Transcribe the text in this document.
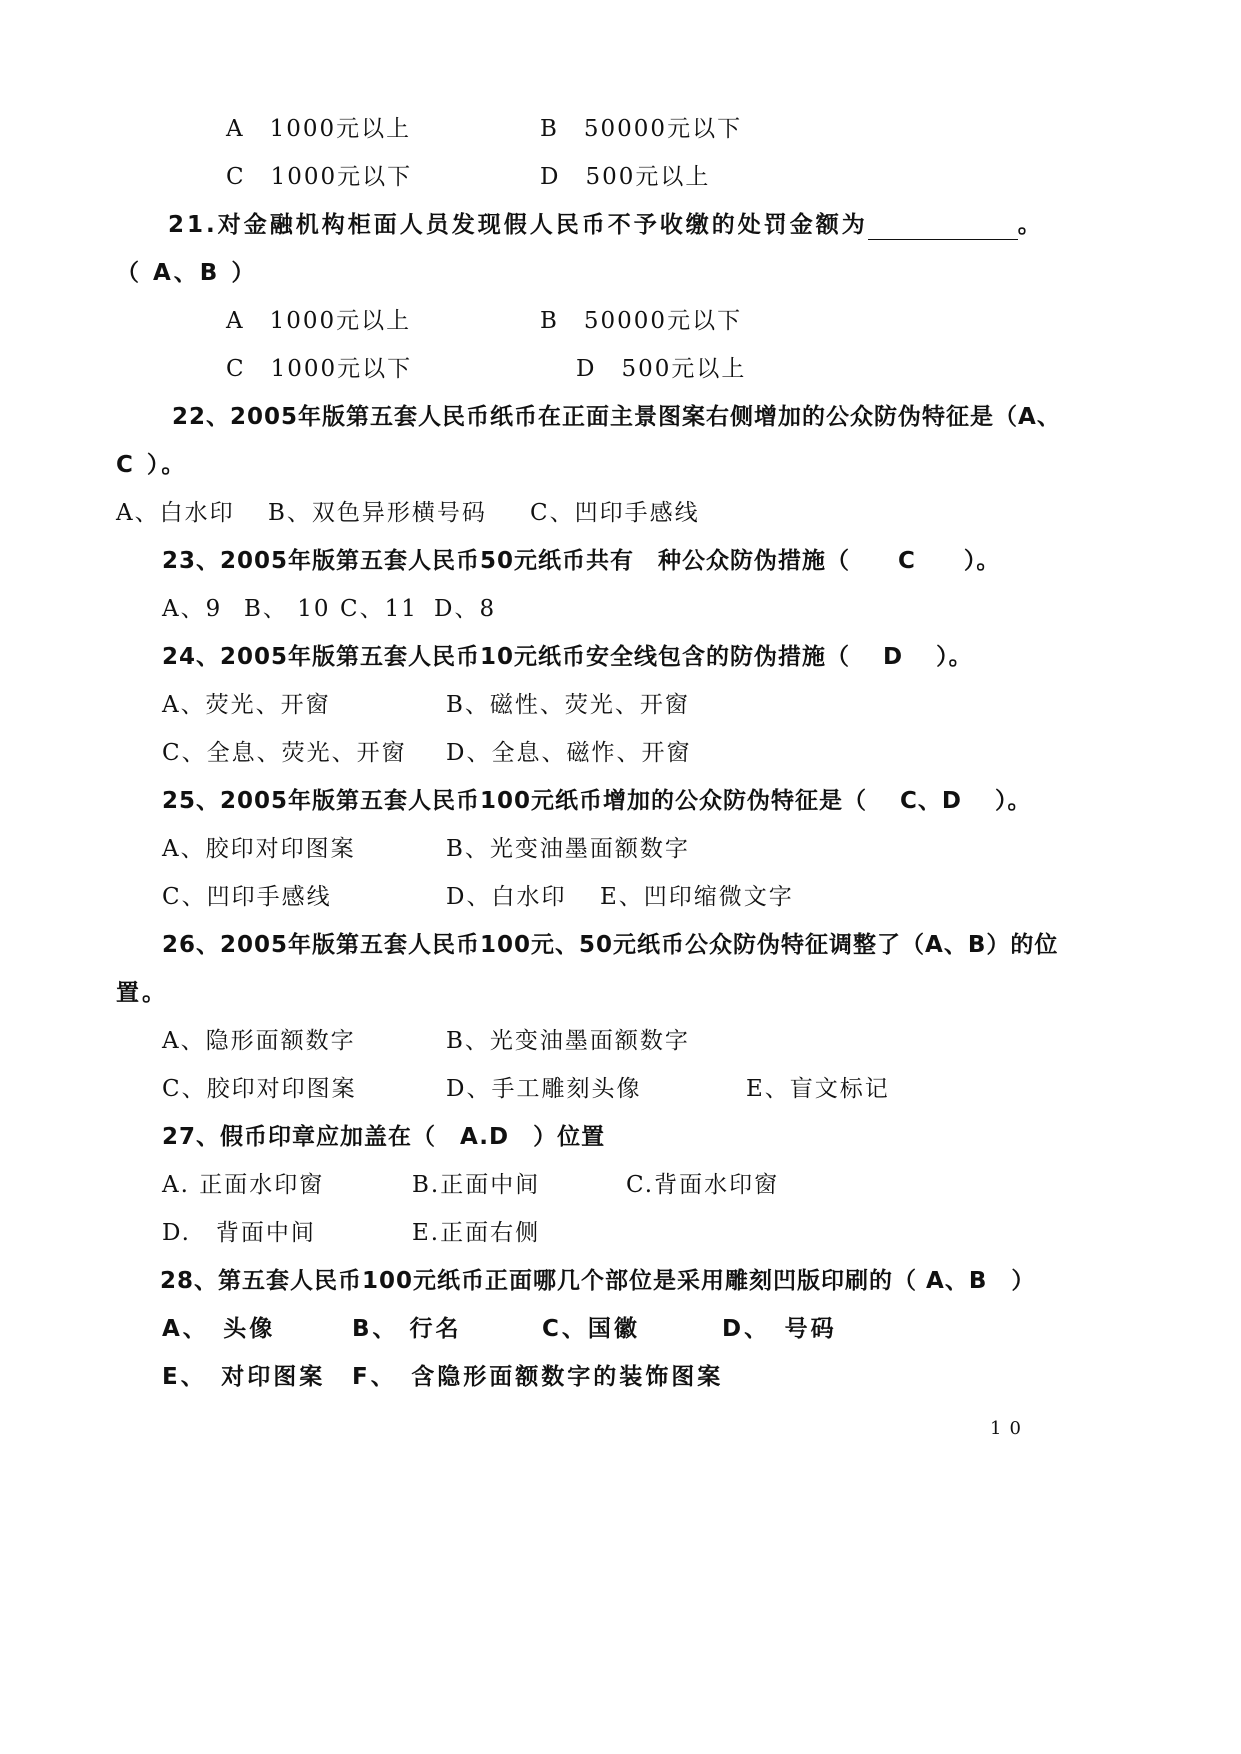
A　1000元以上	B　50000元以下
C　1000元以下	D　500元以上
21.对金融机构柜面人员发现假人民币不予收缴的处罚金额为	。
（ A、B ）
A　1000元以上	B　50000元以下
C　1000元以下	D　500元以上
22、2005年版第五套人民币纸币在正面主景图案右侧增加的公众防伪特征是（A、
C ）。
A、白水印 B、双色异形横号码 C、凹印手感线
23、2005年版第五套人民币50元纸币共有　种公众防伪措施（　　C　　）。
A、9 B、 10 C、11 D、8
24、2005年版第五套人民币10元纸币安全线包含的防伪措施（　 D　 ）。
A、荧光、开窗	B、磁性、荧光、开窗
C、全息、荧光、开窗 D、全息、磁怍、开窗
25、2005年版第五套人民币100元纸币增加的公众防伪特征是（　 C、D　 ）。
A、胶印对印图案	B、光变油墨面额数字
C、凹印手感线	D、白水印 E、凹印缩微文字
26、2005年版第五套人民币100元、50元纸币公众防伪特征调整了（A、B）的位
置。
A、隐形面额数字	B、光变油墨面额数字
C、胶印对印图案	D、手工雕刻头像	E、盲文标记
27、假币印章应加盖在（　A.D　）位置
A. 正面水印窗	B.正面中间	C.背面水印窗
D.　背面中间	E.正面右侧
28、第五套人民币100元纸币正面哪几个部位是采用雕刻凹版印刷的（ A、B　）
A、　头像	B、 行名	C、国徽	D、　号码
E、　对印图案 F、　含隐形面额数字的装饰图案
10
